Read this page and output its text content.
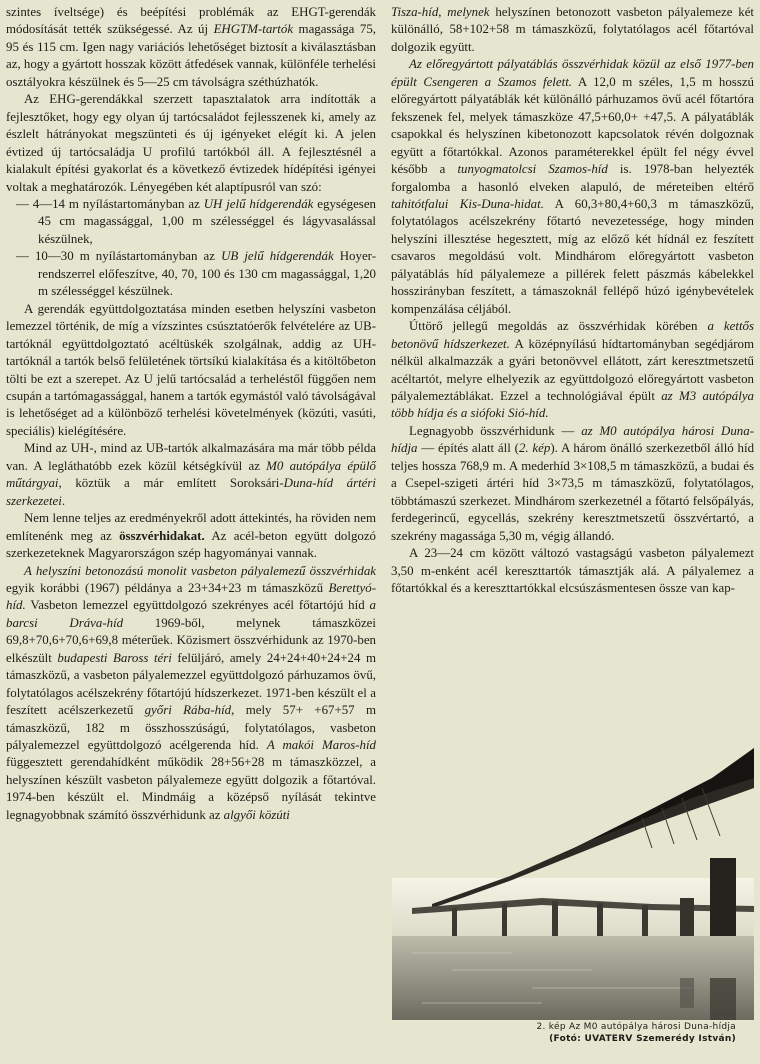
szintes íveltsége) és beépítési problémák az EHGT-gerendák módosítását tették szükségessé. Az új EHGTM-tartók magassága 75, 95 és 115 cm. Igen nagy variációs lehetőséget biztosít a kiválasztásban az, hogy a gyártott hosszak között átfedések vannak, különféle terhelési osztályokra készülnek és 5—25 cm távolságra széthúzhatók.

Az EHG-gerendákkal szerzett tapasztalatok arra indították a fejlesztőket, hogy egy olyan új tartócsaládot fejlesszenek ki, amely az észlelt hátrányokat megszünteti és új igényeket elégít ki. A jelen évtized új tartócsaládja U profilú tartókból áll. A fejlesztésnél a kialakult építési gyakorlat és a következő évtizedek hídépítési igényei voltak a meghatározók. Lényegében két alaptípusról van szó:

— 4—14 m nyílástartományban az UH jelű hídgerendák egységesen 45 cm magassággal, 1,00 m szélességgel és lágyvasalással készülnek,

— 10—30 m nyílástartományban az UB jelű hídgerendák Hoyer-rendszerrel előfeszítve, 40, 70, 100 és 130 cm magassággal, 1,20 m szélességgel készülnek.

A gerendák együttdolgoztatása minden esetben helyszíni vasbeton lemezzel történik, de míg a vízszintes csúsztatóerők felvételére az UB-tartóknál együttdolgoztató acéltüskék szolgálnak, addig az UH-tartóknál a tartók belső felületének törtsíkú kialakítása és a kitöltőbeton tölti be ezt a szerepet. Az U jelű tartócsalád a terheléstől függően nem csupán a tartómagassággal, hanem a tartók egymástól való távolságával is lehetőséget ad a különböző terhelési követelmények (közúti, vasúti, speciális) kielégítésére.

Mind az UH-, mind az UB-tartók alkalmazására ma már több példa van. A legláthatóbb ezek közül kétségkívül az M0 autópálya épülő műtárgyai, köztük a már említett Soroksári-Duna-híd ártéri szerkezetei.

Nem lenne teljes az eredményekről adott áttekintés, ha röviden nem említenénk meg az összvérhidakat. Az acél-beton együtt dolgozó szerkezeteknek Magyarországon szép hagyományai vannak.

A helyszíni betonozású monolit vasbeton pályalemezű összvérhidak egyik korábbi (1967) példánya a 23+34+23 m támaszközű Berettyó-híd. Vasbeton lemezzel együttdolgozó szekrényes acél főtartójú híd a barcsi Dráva-híd 1969-ből, melynek támaszközei 69,8+70,6+70,6+69,8 méterűek. Közismert összvérhidunk az 1970-ben elkészült budapesti Baross téri felüljáró, amely 24+24+40+24+24 m támaszközű, a vasbeton pályalemezzel együttdolgozó párhuzamos övű, folytatólagos acélszekrény főtartójú hídszerkezet. 1971-ben készült el a feszített acélszerkezetű győri Rába-híd, mely 57+ +67+57 m támaszközű, 182 m összhosszúságú, folytatólagos, vasbeton pályalemezzel együttdolgozó acélgerenda híd. A makói Maros-híd függesztett gerendahídként működik 28+56+28 m támaszközzel, a helyszínen készült vasbeton pályalemeze együtt dolgozik a főtartóval. 1974-ben készült el. Mindmáig a középső nyílását tekintve legnagyobbnak számító összvérhidunk az algyői közúti

Tisza-híd, melynek helyszínen betonozott vasbeton pályalemeze két különálló, 58+102+58 m támaszközű, folytatólagos acél főtartóval dolgozik együtt.

Az előregyártott pályatáblás összvérhidak közül az első 1977-ben épült Csengeren a Szamos felett. A 12,0 m széles, 1,5 m hosszú előregyártott pályatáblák két különálló párhuzamos övű acél főtartóra fekszenek fel, melyek támaszköze 47,5+60,0+ +47,5. A pályatáblák csapokkal és helyszínen kibetonozott kapcsolatok révén dolgoznak együtt a főtartókkal. Azonos paraméterekkel épült fel négy évvel később a tunyogmatolcsi Szamos-híd is. 1978-ban helyezték forgalomba a hasonló elveken alapuló, de méreteiben eltérő tahitótfalui Kis-Duna-hidat. A 60,3+80,4+60,3 m támaszközű, folytatólagos acélszekrény főtartó nevezetessége, hogy minden helyszíni illesztése hegesztett, míg az előző két hídnál ez feszített csavaros megoldású volt. Mindhárom előregyártott vasbeton pályatáblás híd pályalemeze a pillérek felett pászmás kábelekkel hosszirányban feszített, a támaszoknál fellépő húzó igénybevételek kompenzálása céljából.

Úttörő jellegű megoldás az összvérhidak körében a kettős betonövű hídszerkezet. A középnyílású hídtartományban segédjárom nélkül alkalmazzák a gyári betonövvel ellátott, zárt keresztmetszetű acéltartót, melyre elhelyezik az együttdolgozó előregyártott vasbeton pályalemeztáblákat. Ezzel a technológiával épült az M3 autópálya több hídja és a siófoki Sió-híd.

Legnagyobb összvérhidunk — az M0 autópálya hárosi Duna-hídja — építés alatt áll (2. kép). A három önálló szerkezetből álló híd teljes hossza 768,9 m. A mederhíd 3×108,5 m támaszközű, a budai és a Csepel-szigeti ártéri híd 3×73,5 m támaszközű, folytatólagos, többtámaszú szerkezet. Mindhárom szerkezetnél a főtartó felsőpályás, ferdegerincű, egycellás, szekrény keresztmetszetű összvértartó, a szekrény magassága 5,30 m, végig állandó.

A 23—24 cm között változó vastagságú vasbeton pályalemezt 3,50 m-enként acél kereszttartók támasztják alá. A pályalemez a főtartókkal és a kereszttartókkal elcsúszásmentesen össze van kap-

2. kép Az M0 autópálya hárosi Duna-hídja
(Fotó: UVATERV Szemerédy István)
